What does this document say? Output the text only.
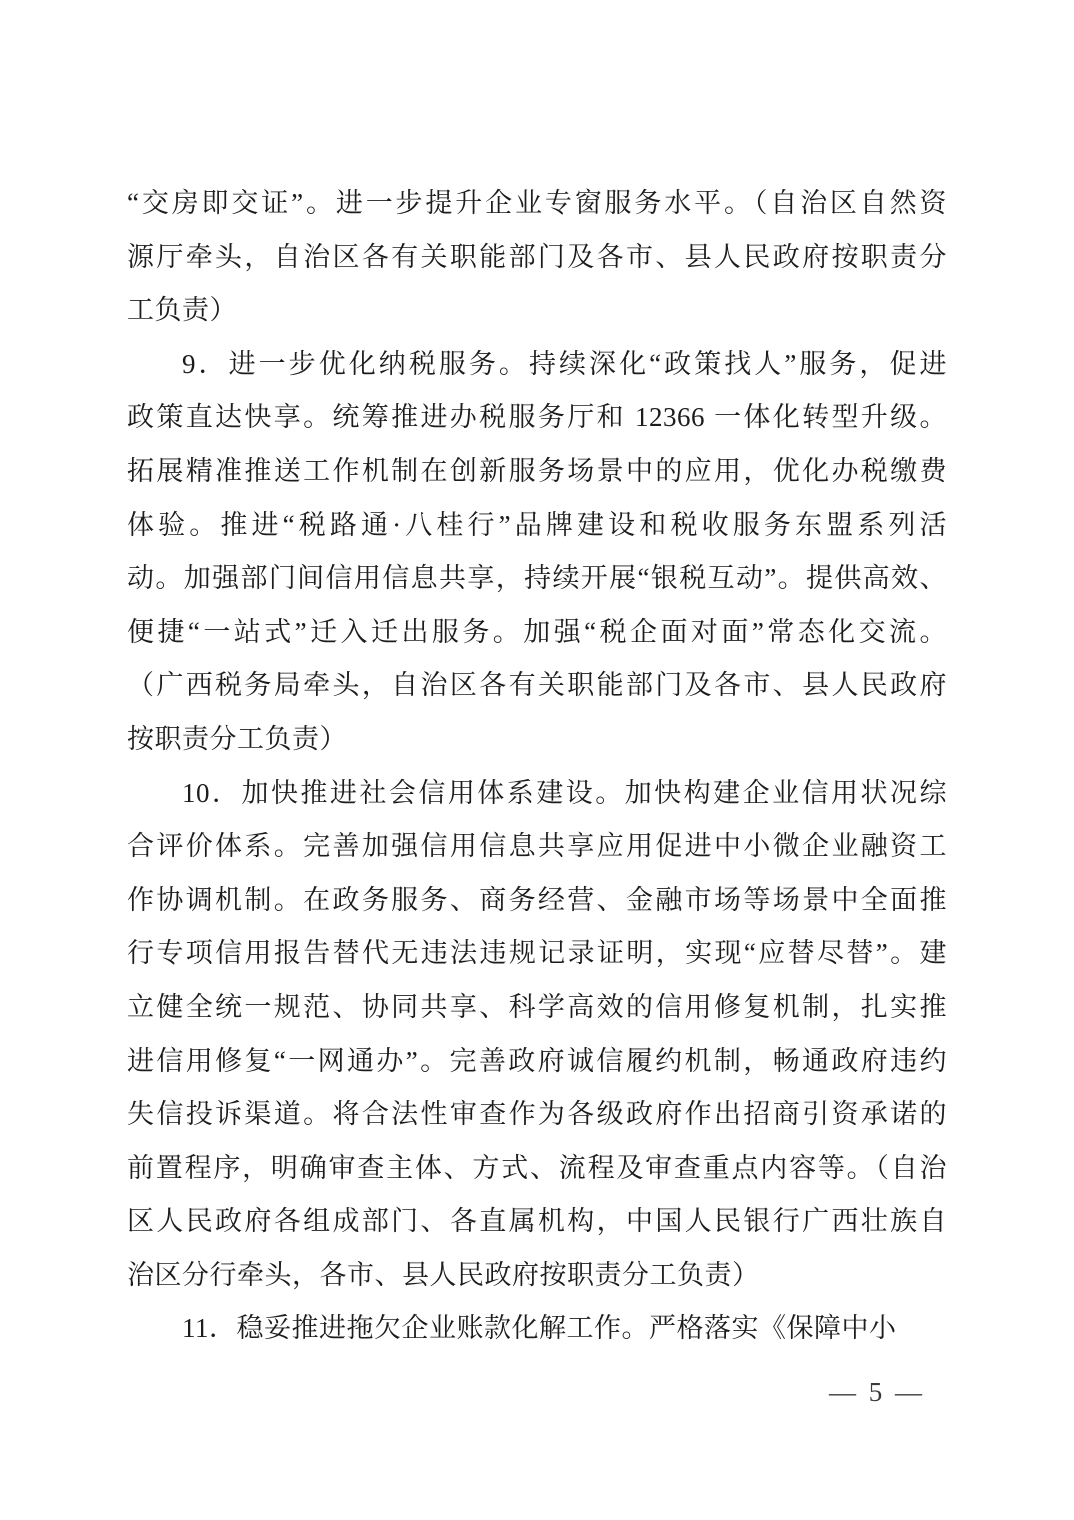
“交房即交证”。进一步提升企业专窗服务水平。（自治区自然资
源厅牵头，自治区各有关职能部门及各市、县人民政府按职责分
工负责）
9．进一步优化纳税服务。持续深化“政策找人”服务，促进
政策直达快享。统筹推进办税服务厅和 12366 一体化转型升级。
拓展精准推送工作机制在创新服务场景中的应用，优化办税缴费
体验。推进“税路通·八桂行”品牌建设和税收服务东盟系列活
动。加强部门间信用信息共享，持续开展“银税互动”。提供高效、
便捷“一站式”迁入迁出服务。加强“税企面对面”常态化交流。
（广西税务局牵头，自治区各有关职能部门及各市、县人民政府
按职责分工负责）
10．加快推进社会信用体系建设。加快构建企业信用状况综
合评价体系。完善加强信用信息共享应用促进中小微企业融资工
作协调机制。在政务服务、商务经营、金融市场等场景中全面推
行专项信用报告替代无违法违规记录证明，实现“应替尽替”。建
立健全统一规范、协同共享、科学高效的信用修复机制，扎实推
进信用修复“一网通办”。完善政府诚信履约机制，畅通政府违约
失信投诉渠道。将合法性审查作为各级政府作出招商引资承诺的
前置程序，明确审查主体、方式、流程及审查重点内容等。（自治
区人民政府各组成部门、各直属机构，中国人民银行广西壮族自
治区分行牵头，各市、县人民政府按职责分工负责）
11．稳妥推进拖欠企业账款化解工作。严格落实《保障中小
— 5 —
